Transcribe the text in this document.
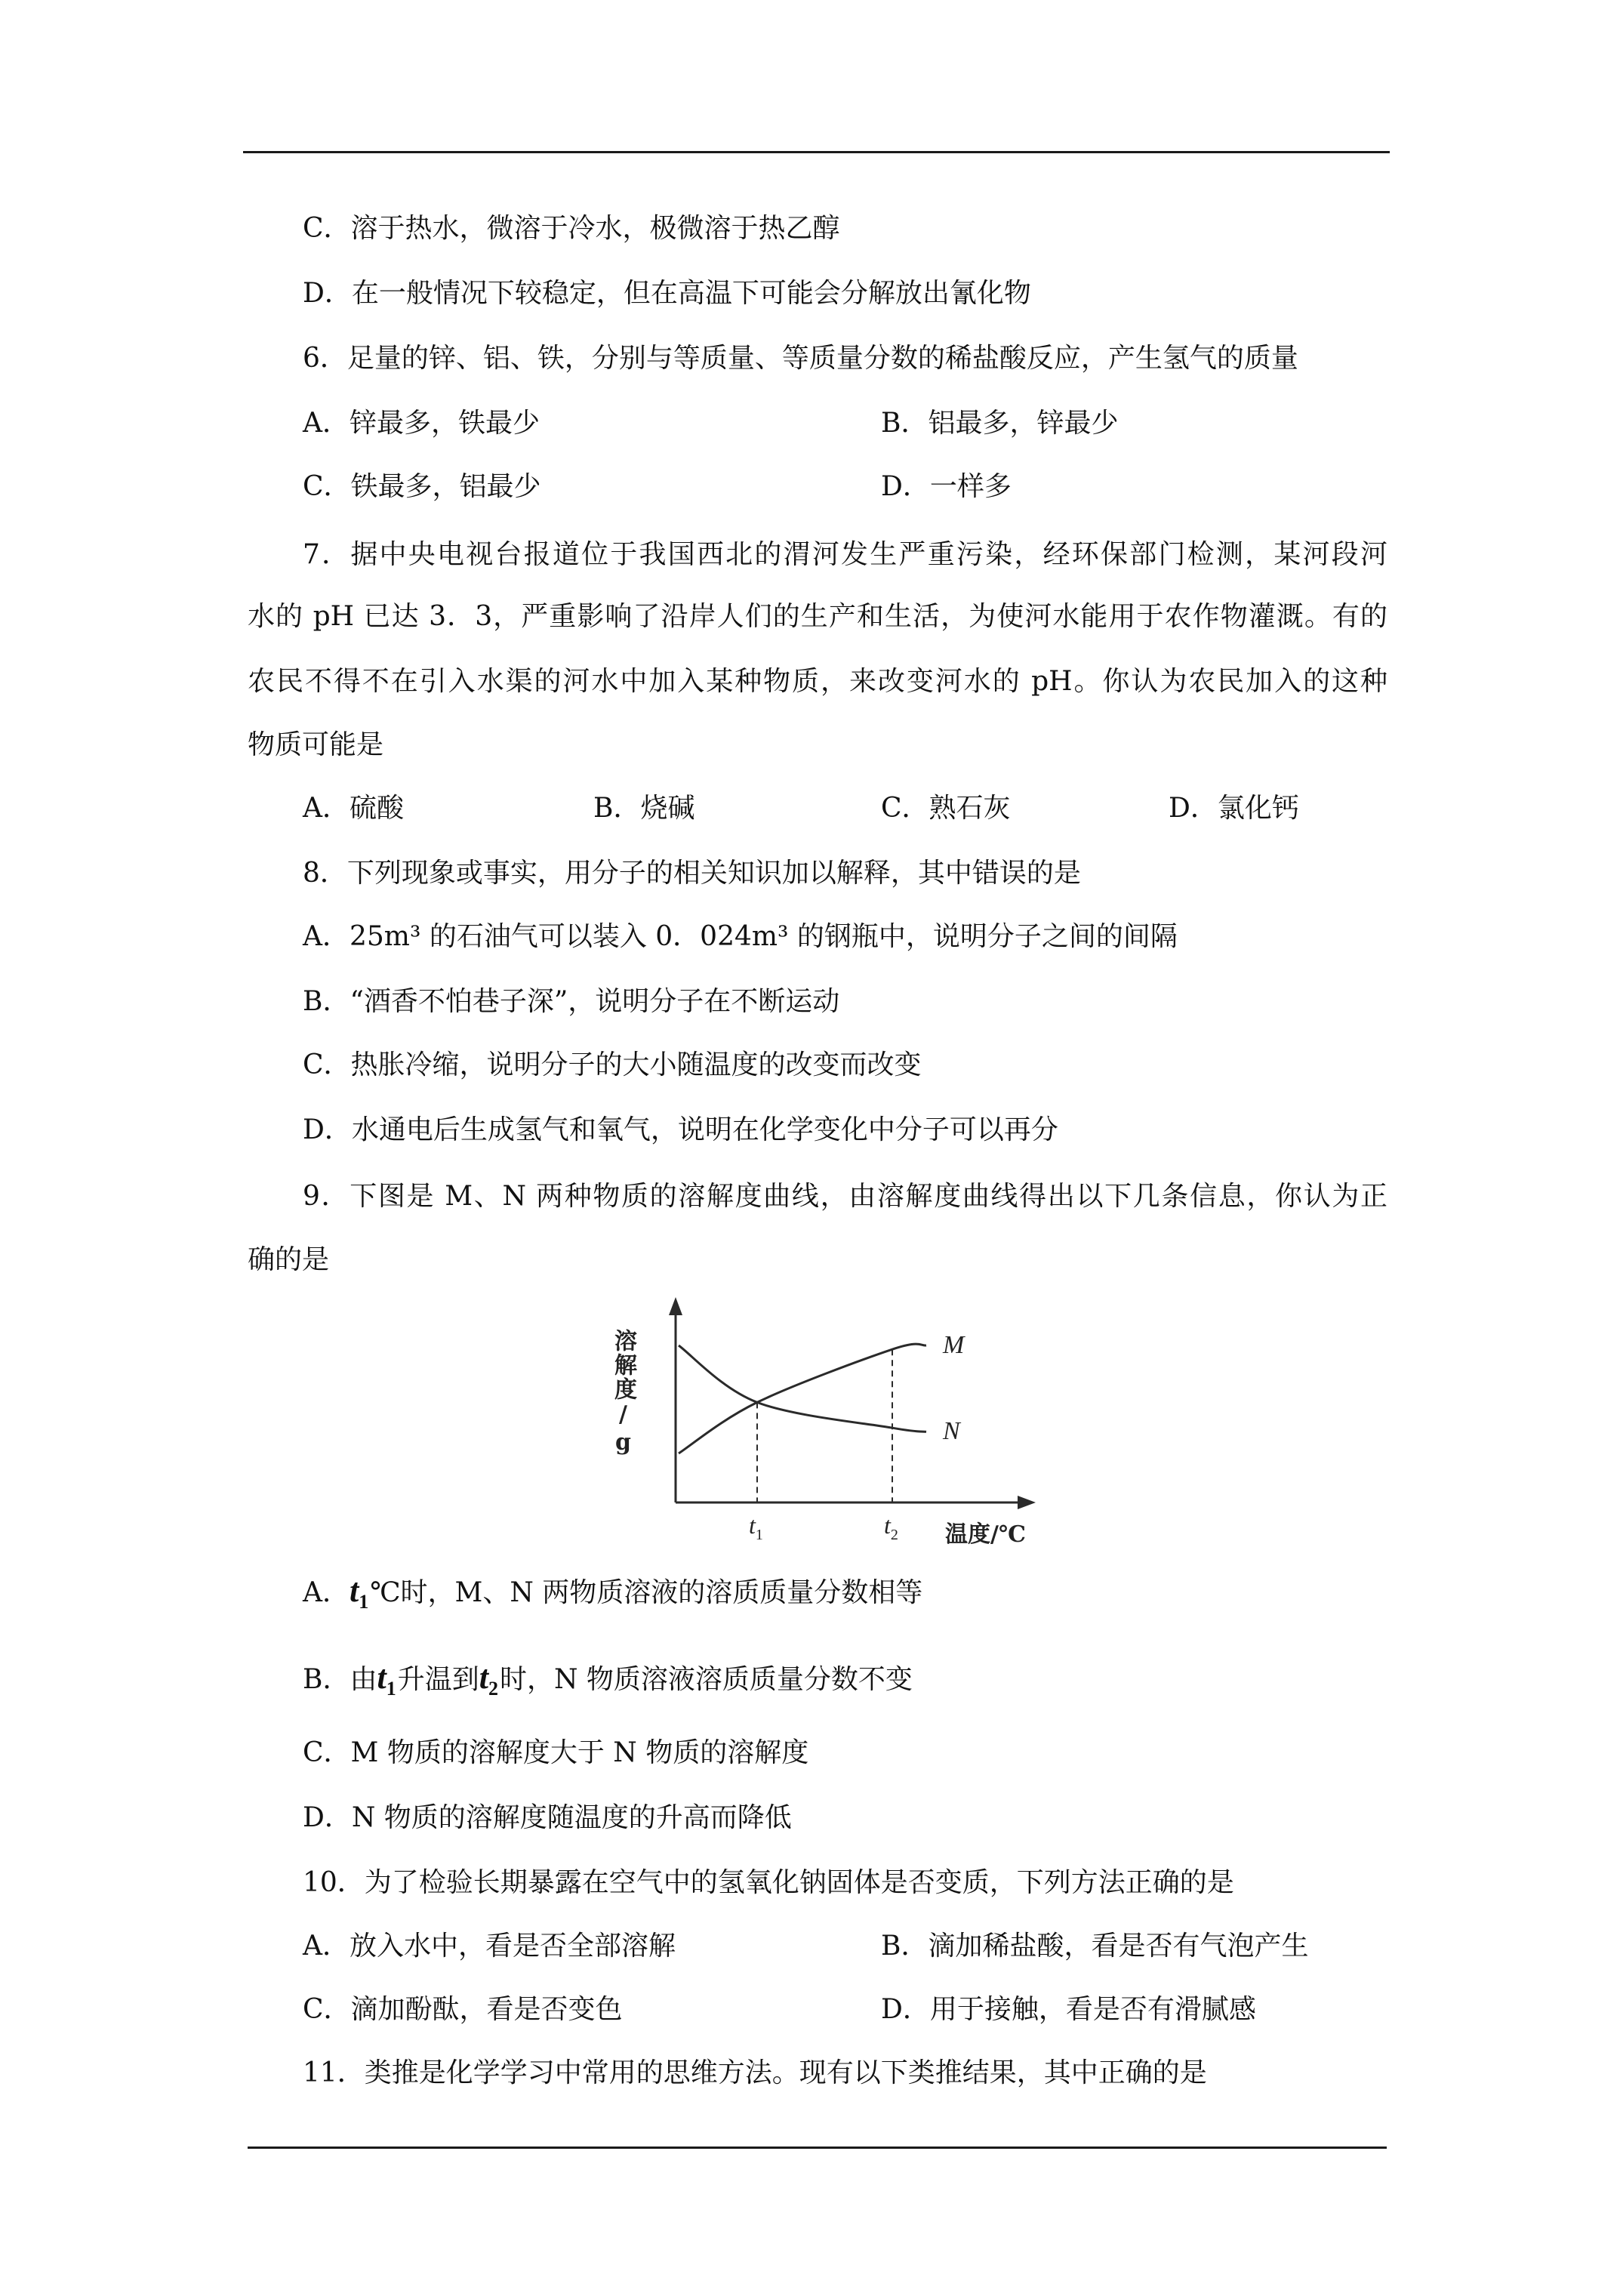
C．溶于热水，微溶于冷水，极微溶于热乙醇
D．在一般情况下较稳定，但在高温下可能会分解放出氰化物
6．足量的锌、铝、铁，分别与等质量、等质量分数的稀盐酸反应，产生氢气的质量
A．锌最多，铁最少	B．铝最多，锌最少
C．铁最多，铝最少	D．一样多
7．据中央电视台报道位于我国西北的渭河发生严重污染，经环保部门检测，某河段河
水的 pH 已达 3．3，严重影响了沿岸人们的生产和生活，为使河水能用于农作物灌溉。有的
农民不得不在引入水渠的河水中加入某种物质，来改变河水的 pH。你认为农民加入的这种
物质可能是
A．硫酸	B．烧碱	C．熟石灰	D．氯化钙
8．下列现象或事实，用分子的相关知识加以解释，其中错误的是
A．25m³ 的石油气可以装入 0．024m³ 的钢瓶中，说明分子之间的间隔
B．“酒香不怕巷子深”，说明分子在不断运动
C．热胀冷缩，说明分子的大小随温度的改变而改变
D．水通电后生成氢气和氧气，说明在化学变化中分子可以再分
9．下图是 M、N 两种物质的溶解度曲线，由溶解度曲线得出以下几条信息，你认为正
确的是
溶解度/g
温度/℃
$t_1$	$t_2$
M
N
A．$t_1℃$时，M、N 两物质溶液的溶质质量分数相等
B．由$t_1$升温到$t_2$时，N 物质溶液溶质质量分数不变
C．M 物质的溶解度大于 N 物质的溶解度
D．N 物质的溶解度随温度的升高而降低
10．为了检验长期暴露在空气中的氢氧化钠固体是否变质，下列方法正确的是
A．放入水中，看是否全部溶解	B．滴加稀盐酸，看是否有气泡产生
C．滴加酚酞，看是否变色	D．用于接触，看是否有滑腻感
11．类推是化学学习中常用的思维方法。现有以下类推结果，其中正确的是
